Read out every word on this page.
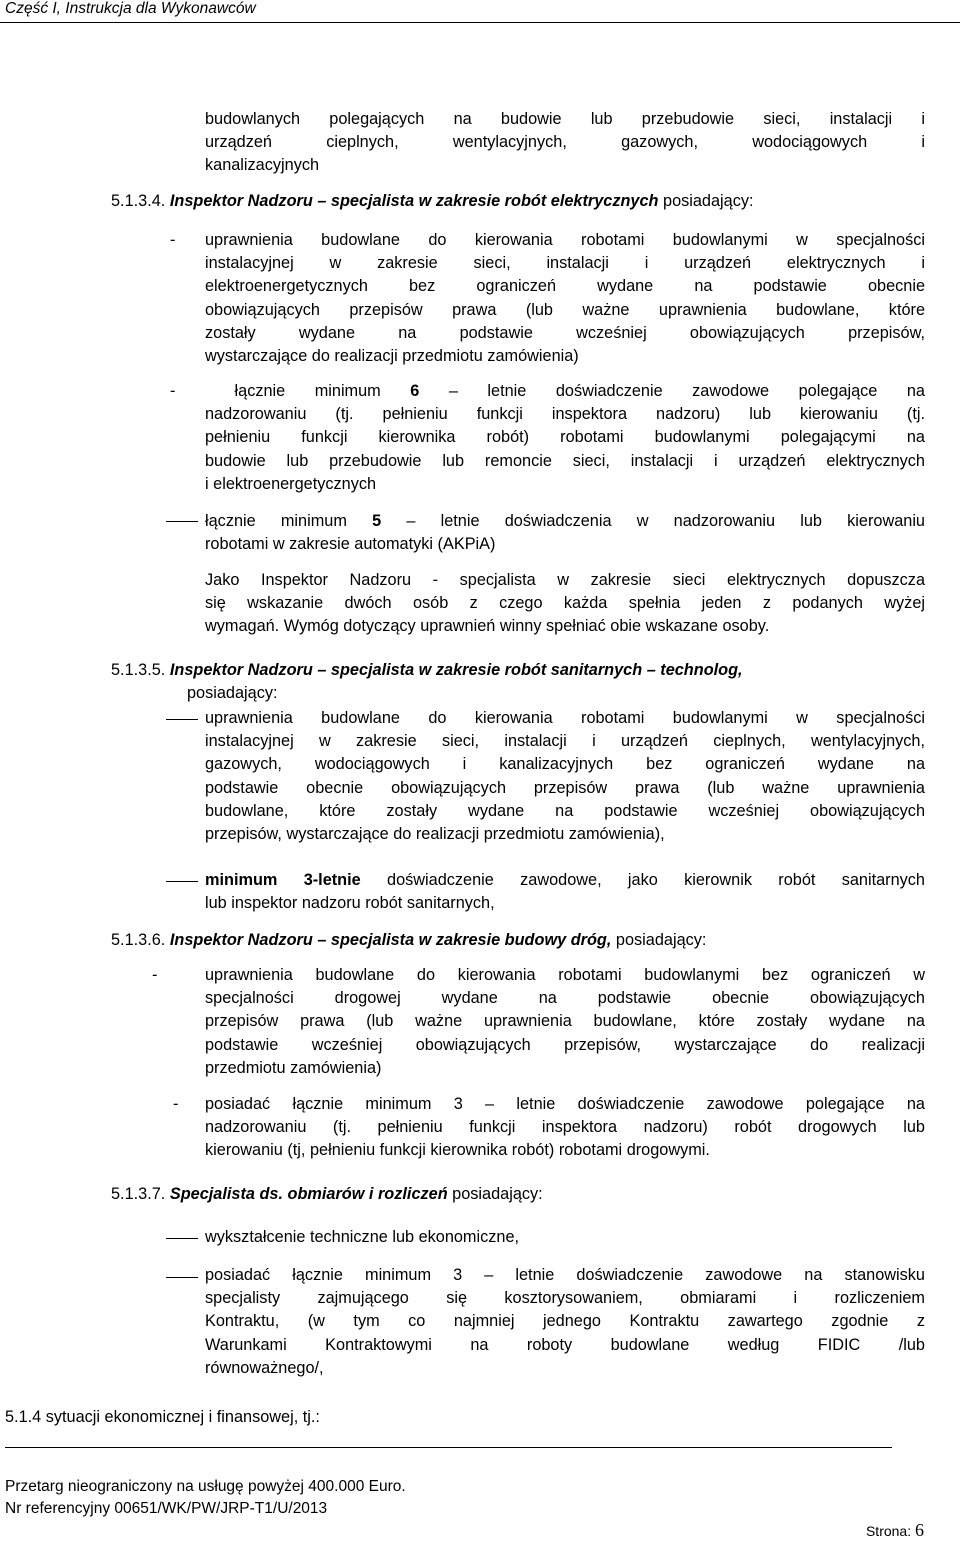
Część I, Instrukcja dla Wykonawców
budowlanych polegających na budowie lub przebudowie sieci, instalacji i
urządzeń cieplnych, wentylacyjnych, gazowych, wodociągowych i
kanalizacyjnych
5.1.3.4. Inspektor Nadzoru – specjalista w zakresie robót elektrycznych posiadający:
- uprawnienia budowlane do kierowania robotami budowlanymi w specjalności
instalacyjnej w zakresie sieci, instalacji i urządzeń elektrycznych i
elektroenergetycznych bez ograniczeń wydane na podstawie obecnie
obowiązujących przepisów prawa (lub ważne uprawnienia budowlane, które
zostały wydane na podstawie wcześniej obowiązujących przepisów,
wystarczające do realizacji przedmiotu zamówienia)
-	łącznie minimum 6 – letnie doświadczenie zawodowe polegające na
nadzorowaniu (tj. pełnieniu funkcji inspektora nadzoru) lub kierowaniu (tj.
pełnieniu funkcji kierownika robót) robotami budowlanymi polegającymi na
budowie lub przebudowie lub remoncie sieci, instalacji i urządzeń elektrycznych
i elektroenergetycznych
łącznie minimum 5 – letnie doświadczenia w nadzorowaniu lub kierowaniu
robotami w zakresie automatyki (AKPiA)
Jako Inspektor Nadzoru - specjalista w zakresie sieci elektrycznych dopuszcza
się wskazanie dwóch osób z czego każda spełnia jeden z podanych wyżej
wymagań. Wymóg dotyczący uprawnień winny spełniać obie wskazane osoby.
5.1.3.5. Inspektor Nadzoru – specjalista w zakresie robót sanitarnych – technolog,
posiadający:
uprawnienia budowlane do kierowania robotami budowlanymi w specjalności
instalacyjnej w zakresie sieci, instalacji i urządzeń cieplnych, wentylacyjnych,
gazowych, wodociągowych i kanalizacyjnych bez ograniczeń wydane na
podstawie obecnie obowiązujących przepisów prawa (lub ważne uprawnienia
budowlane, które zostały wydane na podstawie wcześniej obowiązujących
przepisów, wystarczające do realizacji przedmiotu zamówienia),
minimum 3-letnie doświadczenie zawodowe, jako kierownik robót sanitarnych
lub inspektor nadzoru robót sanitarnych,
5.1.3.6. Inspektor Nadzoru – specjalista w zakresie budowy dróg, posiadający:
-	uprawnienia budowlane do kierowania robotami budowlanymi bez ograniczeń w
specjalności drogowej wydane na podstawie obecnie obowiązujących
przepisów prawa (lub ważne uprawnienia budowlane, które zostały wydane na
podstawie wcześniej obowiązujących przepisów, wystarczające do realizacji
przedmiotu zamówienia)
- posiadać łącznie minimum 3 – letnie doświadczenie zawodowe polegające na
nadzorowaniu (tj. pełnieniu funkcji inspektora nadzoru) robót drogowych lub
kierowaniu (tj, pełnieniu funkcji kierownika robót) robotami drogowymi.
5.1.3.7. Specjalista ds. obmiarów i rozliczeń posiadający:
wykształcenie techniczne lub ekonomiczne,
posiadać łącznie minimum 3 – letnie doświadczenie zawodowe na stanowisku
specjalisty zajmującego się kosztorysowaniem, obmiarami i rozliczeniem
Kontraktu, (w tym co najmniej jednego Kontraktu zawartego zgodnie z
Warunkami Kontraktowymi na roboty budowlane według FIDIC /lub
równoważnego/,
5.1.4 sytuacji ekonomicznej i finansowej, tj.:
Przetarg nieograniczony na usługę powyżej 400.000 Euro.
Nr referencyjny 00651/WK/PW/JRP-T1/U/2013
Strona: 6
